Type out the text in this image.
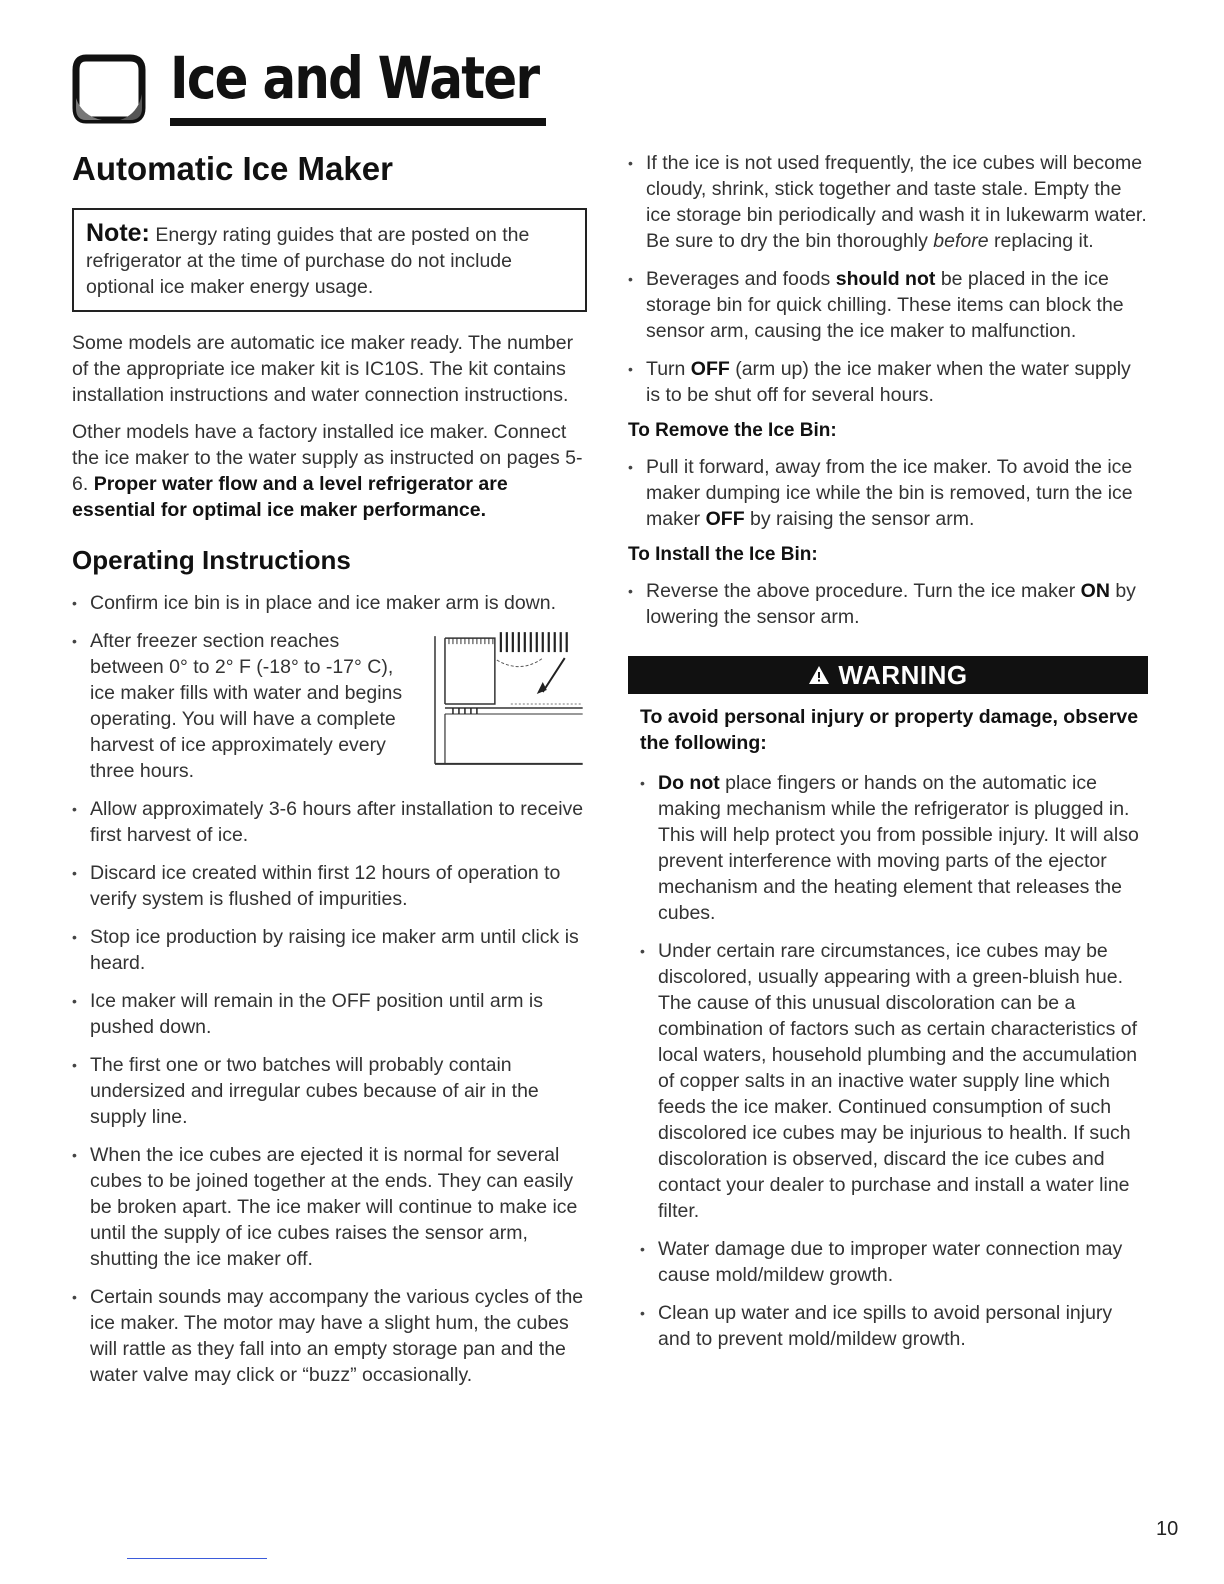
Ice and Water
Automatic Ice Maker
Note: Energy rating guides that are posted on the refrigerator at the time of purchase do not include optional ice maker energy usage.

Some models are automatic ice maker ready. The number of the appropriate ice maker kit is IC10S. The kit contains installation instructions and water connection instructions.

Other models have a factory installed ice maker. Connect the ice maker to the water supply as instructed on pages 5-6. Proper water flow and a level refrigerator are essential for optimal ice maker performance.

Operating Instructions
• Confirm ice bin is in place and ice maker arm is down.
• After freezer section reaches between 0° to 2° F (-18° to -17° C), ice maker fills with water and begins operating. You will have a complete harvest of ice approximately every three hours.
• Allow approximately 3-6 hours after installation to receive first harvest of ice.
• Discard ice created within first 12 hours of operation to verify system is flushed of impurities.
• Stop ice production by raising ice maker arm until click is heard.
• Ice maker will remain in the OFF position until arm is pushed down.
• The first one or two batches will probably contain undersized and irregular cubes because of air in the supply line.
• When the ice cubes are ejected it is normal for several cubes to be joined together at the ends. They can easily be broken apart. The ice maker will continue to make ice until the supply of ice cubes raises the sensor arm, shutting the ice maker off.
• Certain sounds may accompany the various cycles of the ice maker. The motor may have a slight hum, the cubes will rattle as they fall into an empty storage pan and the water valve may click or “buzz” occasionally.
• If the ice is not used frequently, the ice cubes will become cloudy, shrink, stick together and taste stale. Empty the ice storage bin periodically and wash it in lukewarm water. Be sure to dry the bin thoroughly before replacing it.
• Beverages and foods should not be placed in the ice storage bin for quick chilling. These items can block the sensor arm, causing the ice maker to malfunction.
• Turn OFF (arm up) the ice maker when the water supply is to be shut off for several hours.
To Remove the Ice Bin:
• Pull it forward, away from the ice maker. To avoid the ice maker dumping ice while the bin is removed, turn the ice maker OFF by raising the sensor arm.
To Install the Ice Bin:
• Reverse the above procedure. Turn the ice maker ON by lowering the sensor arm.
WARNING

To avoid personal injury or property damage, observe the following:

• Do not place fingers or hands on the automatic ice making mechanism while the refrigerator is plugged in. This will help protect you from possible injury. It will also prevent interference with moving parts of the ejector mechanism and the heating element that releases the cubes.
• Under certain rare circumstances, ice cubes may be discolored, usually appearing with a green-bluish hue. The cause of this unusual discoloration can be a combination of factors such as certain characteristics of local waters, household plumbing and the accumulation of copper salts in an inactive water supply line which feeds the ice maker. Continued consumption of such discolored ice cubes may be injurious to health. If such discoloration is observed, discard the ice cubes and contact your dealer to purchase and install a water line filter.
• Water damage due to improper water connection may cause mold/mildew growth.
• Clean up water and ice spills to avoid personal injury and to prevent mold/mildew growth.
10
